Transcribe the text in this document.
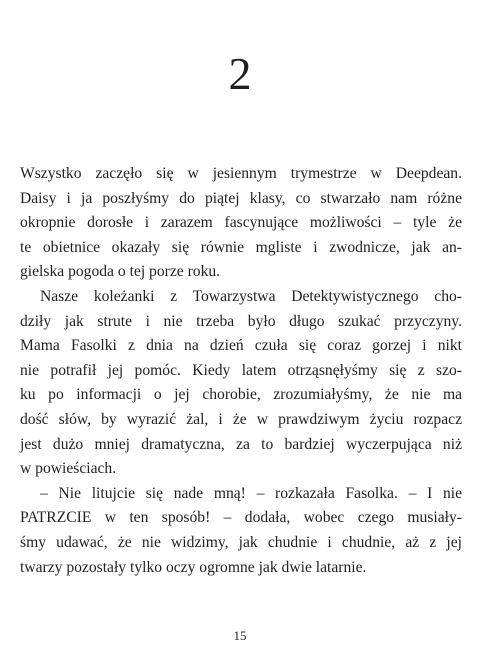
2
Wszystko zaczęło się w jesiennym trymestrze w Deepdean.
Daisy i ja poszłyśmy do piątej klasy, co stwarzało nam różne
okropnie dorosłe i zarazem fascynujące możliwości – tyle że
te obietnice okazały się równie mgliste i zwodnicze, jak an-
gielska pogoda o tej porze roku.
Nasze koleżanki z Towarzystwa Detektywistycznego cho-
dziły jak strute i nie trzeba było długo szukać przyczyny.
Mama Fasolki z dnia na dzień czuła się coraz gorzej i nikt
nie potrafił jej pomóc. Kiedy latem otrząsnęłyśmy się z szo-
ku po informacji o jej chorobie, zrozumiałyśmy, że nie ma
dość słów, by wyrazić żal, i że w prawdziwym życiu rozpacz
jest dużo mniej dramatyczna, za to bardziej wyczerpująca niż
w powieściach.
– Nie litujcie się nade mną! – rozkazała Fasolka. – I nie
PATRZCIE w ten sposób! – dodała, wobec czego musiały-
śmy udawać, że nie widzimy, jak chudnie i chudnie, aż z jej
twarzy pozostały tylko oczy ogromne jak dwie latarnie.
15
